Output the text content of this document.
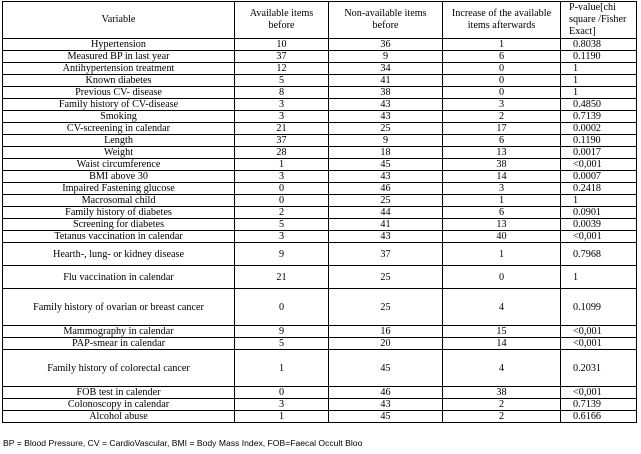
Variable	Available items before	Non-available items before	Increase of the available items afterwards	P-value[chi square /Fisher Exact]
Hypertension	10	36	1	0.8038
Measured BP in last year	37	9	6	0.1190
Antihypertension treatment	12	34	0	1
Known diabetes	5	41	0	1
Previous CV- disease	8	38	0	1
Family history of CV-disease	3	43	3	0.4850
Smoking	3	43	2	0.7139
CV-screening in calendar	21	25	17	0.0002
Length	37	9	6	0.1190
Weight	28	18	13	0.0017
Waist circumference	1	45	38	<0,001
BMI above 30	3	43	14	0.0007
Impaired Fastening glucose	0	46	3	0.2418
Macrosomal child	0	25	1	1
Family history of diabetes	2	44	6	0.0901
Screening for diabetes	5	41	13	0.0039
Tetanus vaccination in calendar	3	43	40	<0,001
Hearth-, lung- or kidney disease	9	37	1	0.7968
Flu vaccination in calendar	21	25	0	1
Family history of ovarian or breast cancer	0	25	4	0.1099
Mammography in calendar	9	16	15	<0,001
PAP-smear in calendar	5	20	14	<0,001
Family history of colorectal cancer	1	45	4	0.2031
FOB test in calender	0	46	38	<0,001
Colonoscopy in calendar	3	43	2	0.7139
Alcohol abuse	1	45	2	0.6166
BP = Blood Pressure, CV = CardioVascular, BMI = Body Mass Index, FOB=Faecal Occult Bloo
